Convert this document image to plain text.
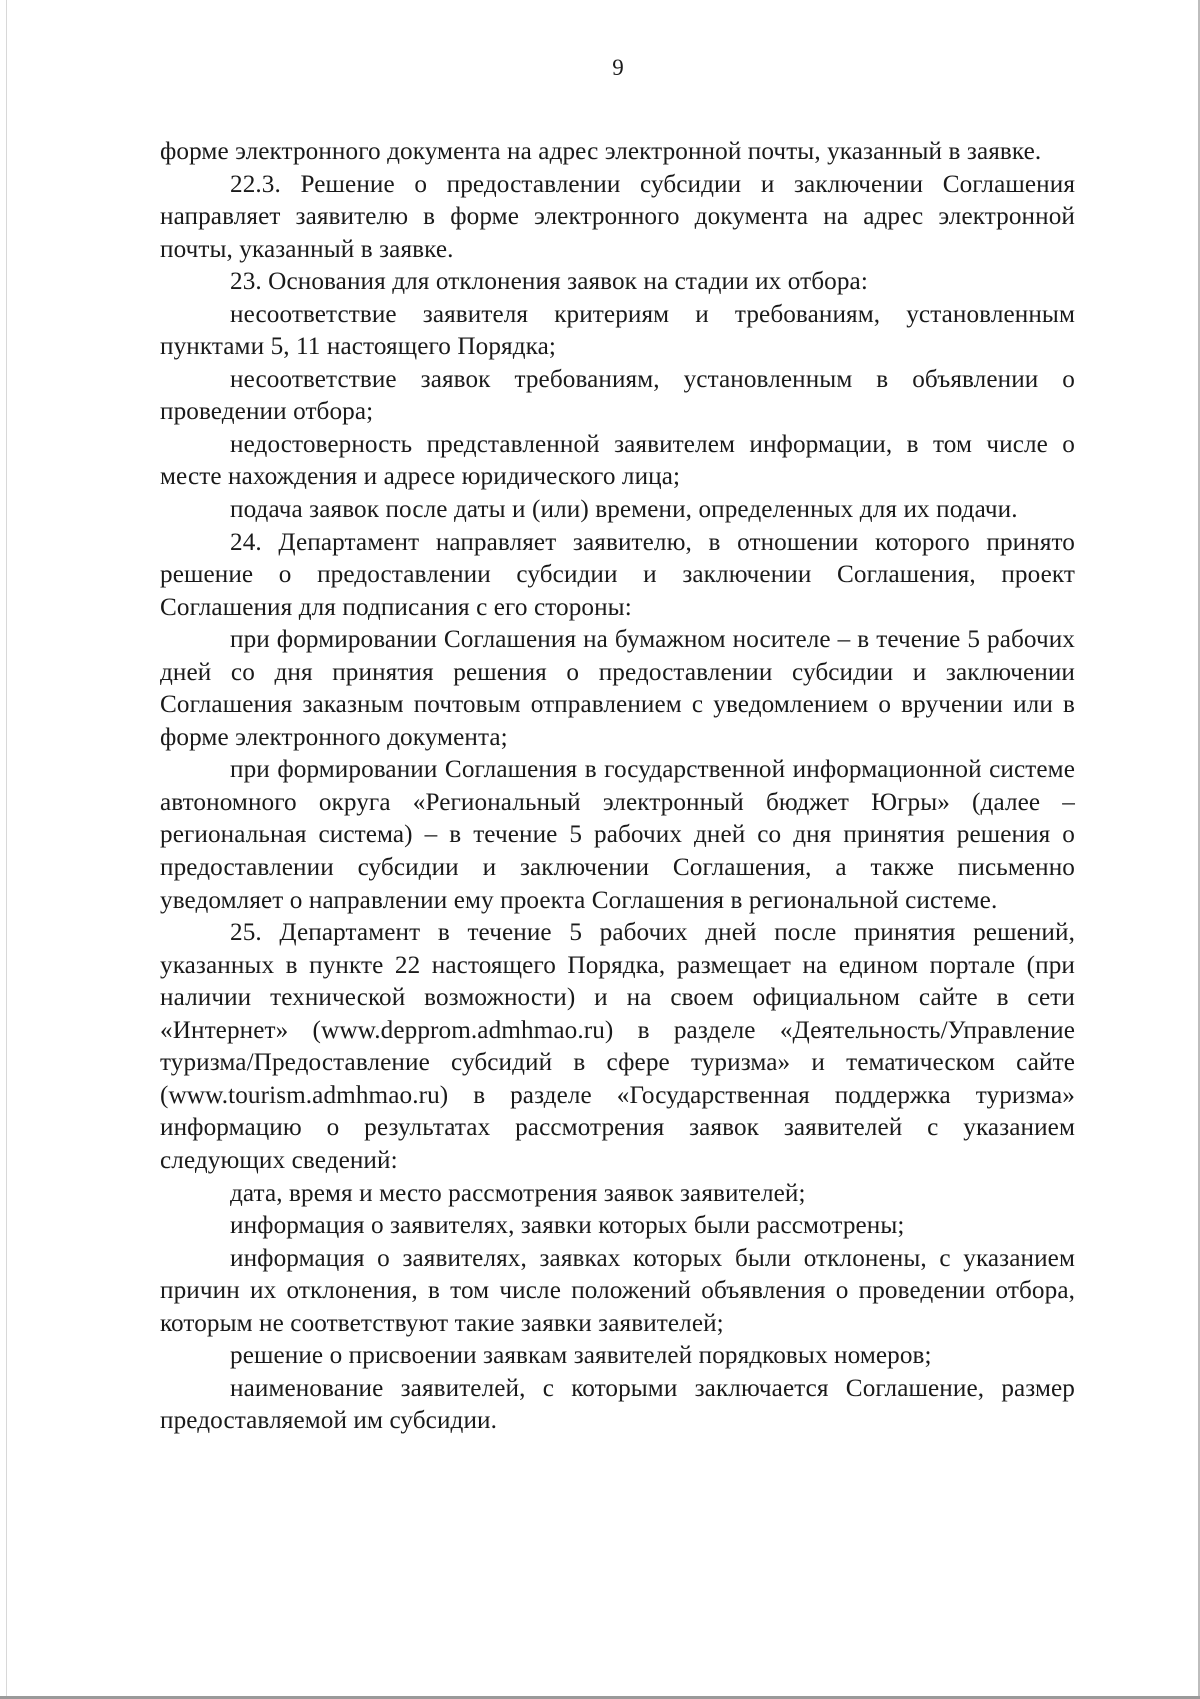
9

форме электронного документа на адрес электронной почты, указанный в заявке.

22.3. Решение о предоставлении субсидии и заключении Соглашения направляет заявителю в форме электронного документа на адрес электронной почты, указанный в заявке.

23. Основания для отклонения заявок на стадии их отбора:

несоответствие заявителя критериям и требованиям, установленным пунктами 5, 11 настоящего Порядка;

несоответствие заявок требованиям, установленным в объявлении о проведении отбора;

недостоверность представленной заявителем информации, в том числе о месте нахождения и адресе юридического лица;

подача заявок после даты и (или) времени, определенных для их подачи.

24. Департамент направляет заявителю, в отношении которого принято решение о предоставлении субсидии и заключении Соглашения, проект Соглашения для подписания с его стороны:

при формировании Соглашения на бумажном носителе – в течение 5 рабочих дней со дня принятия решения о предоставлении субсидии и заключении Соглашения заказным почтовым отправлением с уведомлением о вручении или в форме электронного документа;

при формировании Соглашения в государственной информационной системе автономного округа «Региональный электронный бюджет Югры» (далее – региональная система) – в течение 5 рабочих дней со дня принятия решения о предоставлении субсидии и заключении Соглашения, а также письменно уведомляет о направлении ему проекта Соглашения в региональной системе.

25. Департамент в течение 5 рабочих дней после принятия решений, указанных в пункте 22 настоящего Порядка, размещает на едином портале (при наличии технической возможности) и на своем официальном сайте в сети «Интернет» (www.depprom.admhmao.ru) в разделе «Деятельность/Управление туризма/Предоставление субсидий в сфере туризма» и тематическом сайте (www.tourism.admhmao.ru) в разделе «Государственная поддержка туризма» информацию о результатах рассмотрения заявок заявителей с указанием следующих сведений:

дата, время и место рассмотрения заявок заявителей;

информация о заявителях, заявки которых были рассмотрены;

информация о заявителях, заявках которых были отклонены, с указанием причин их отклонения, в том числе положений объявления о проведении отбора, которым не соответствуют такие заявки заявителей;

решение о присвоении заявкам заявителей порядковых номеров;

наименование заявителей, с которыми заключается Соглашение, размер предоставляемой им субсидии.
